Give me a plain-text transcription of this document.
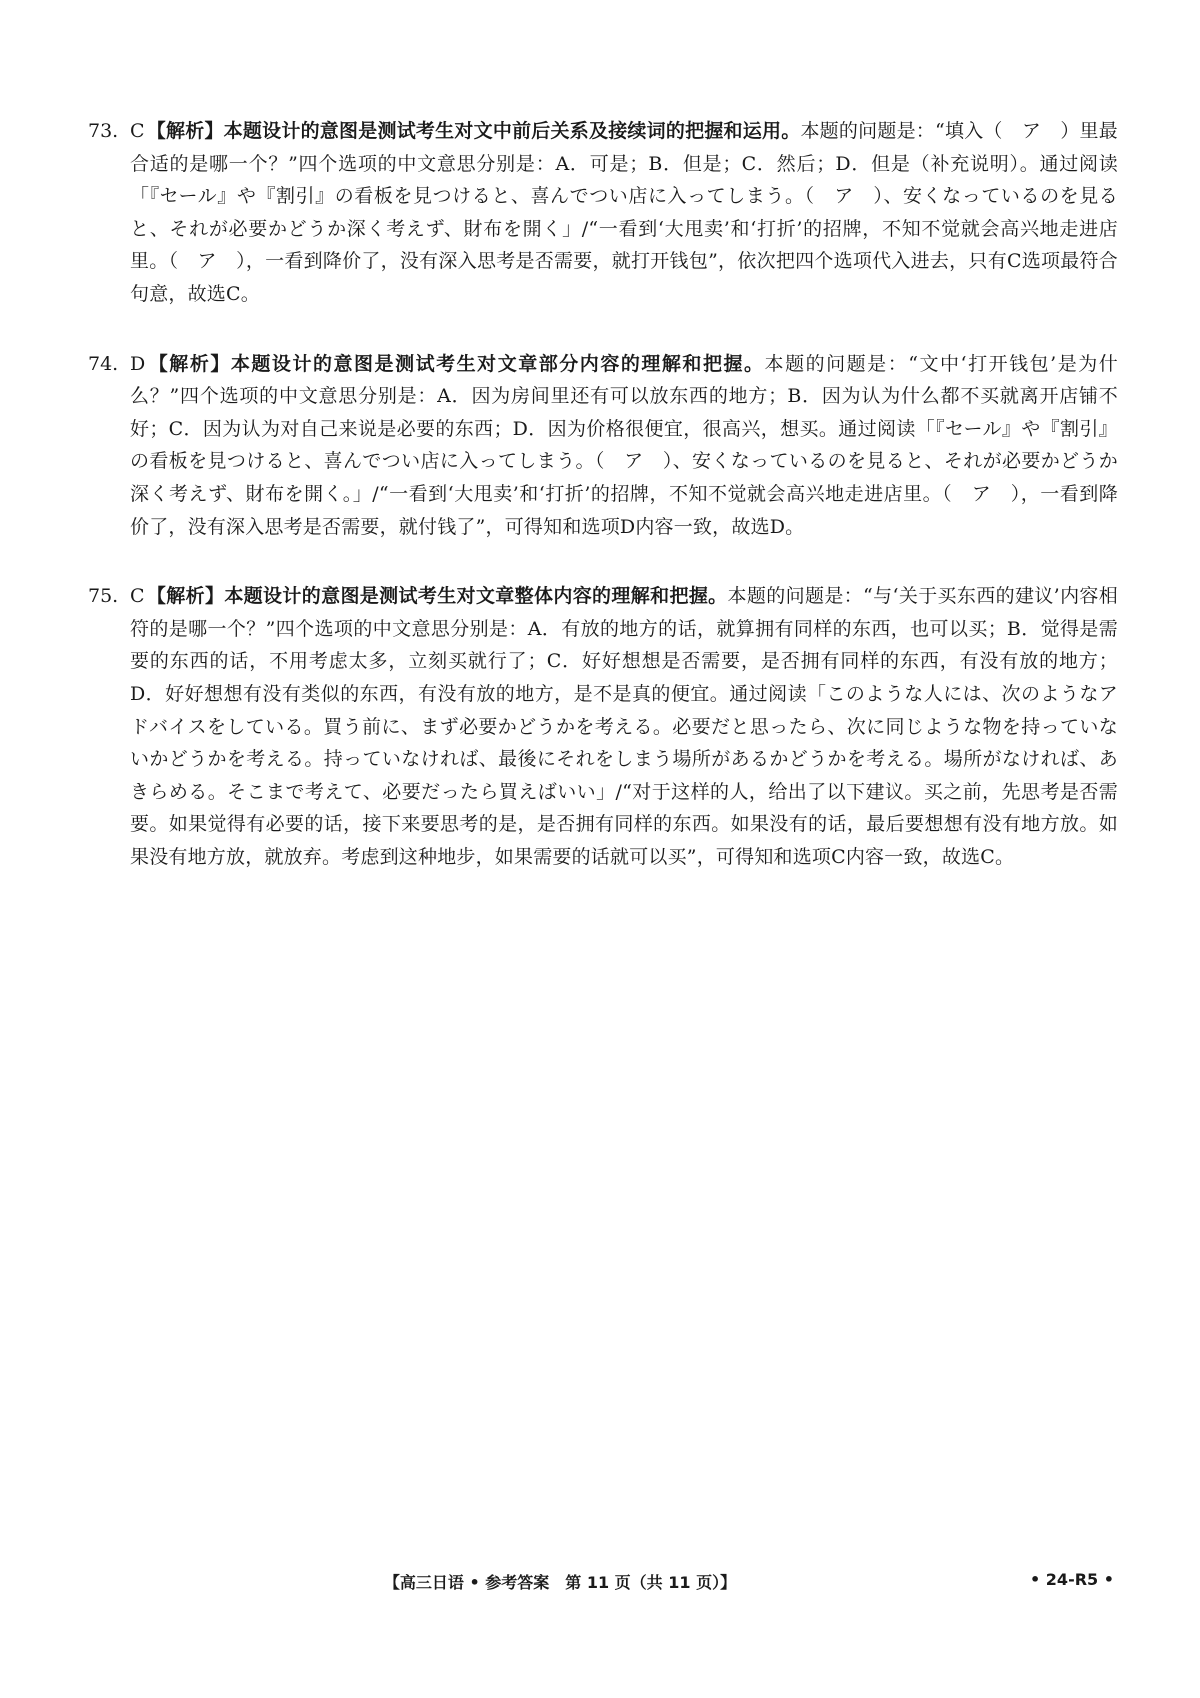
73. C 【解析】本题设计的意图是测试考生对文中前后关系及接续词的把握和运用。本题的问题是：“填入（　ア　）里最合适的是哪一个？”四个选项的中文意思分别是：A．可是；B．但是；C．然后；D．但是（补充说明）。通过阅读「『セール』や『割引』の看板を見つけると、喜んでつい店に入ってしまう。（　ア　）、安くなっているのを見ると、それが必要かどうか深く考えず、財布を開く」/“一看到‘大甩卖’和‘打折’的招牌，不知不觉就会高兴地走进店里。（　ア　），一看到降价了，没有深入思考是否需要，就打开钱包”，依次把四个选项代入进去，只有C选项最符合句意，故选C。
74. D 【解析】本题设计的意图是测试考生对文章部分内容的理解和把握。本题的问题是：“文中‘打开钱包’是为什么？”四个选项的中文意思分别是：A．因为房间里还有可以放东西的地方；B．因为认为什么都不买就离开店铺不好；C．因为认为对自己来说是必要的东西；D．因为价格很便宜，很高兴，想买。通过阅读「『セール』や『割引』の看板を見つけると、喜んでつい店に入ってしまう。（　ア　）、安くなっているのを見ると、それが必要かどうか深く考えず、財布を開く。」/“一看到‘大甩卖’和‘打折’的招牌，不知不觉就会高兴地走进店里。（　ア　），一看到降价了，没有深入思考是否需要，就付钱了”，可得知和选项D内容一致，故选D。
75. C 【解析】本题设计的意图是测试考生对文章整体内容的理解和把握。本题的问题是：“与‘关于买东西的建议’内容相符的是哪一个？”四个选项的中文意思分别是：A．有放的地方的话，就算拥有同样的东西，也可以买；B．觉得是需要的东西的话，不用考虑太多，立刻买就行了；C．好好想想是否需要，是否拥有同样的东西，有没有放的地方；D．好好想想有没有类似的东西，有没有放的地方，是不是真的便宜。通过阅读「このような人には、次のようなアドバイスをしている。買う前に、まず必要かどうかを考える。必要だと思ったら、次に同じような物を持っていないかどうかを考える。持っていなければ、最後にそれをしまう場所があるかどうかを考える。場所がなければ、あきらめる。そこまで考えて、必要だったら買えばいい」/“对于这样的人，给出了以下建议。买之前，先思考是否需要。如果觉得有必要的话，接下来要思考的是，是否拥有同样的东西。如果没有的话，最后要想想有没有地方放。如果没有地方放，就放弃。考虑到这种地步，如果需要的话就可以买”，可得知和选项C内容一致，故选C。
【高三日语 • 参考答案　第 11 页（共 11 页）】	• 24-R5 •
